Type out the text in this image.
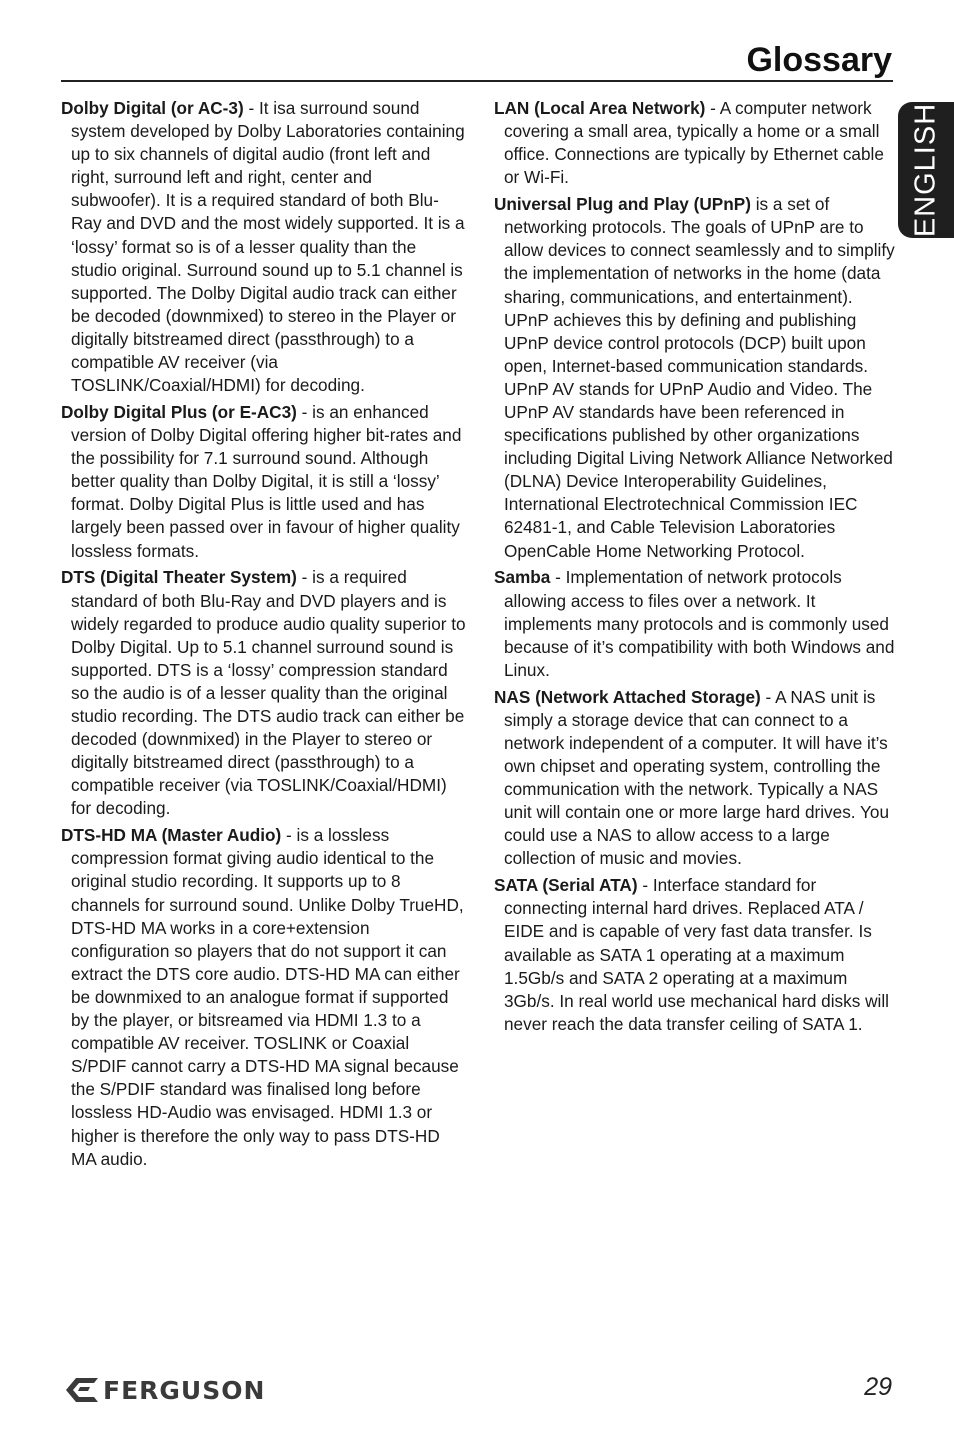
Glossary
ENGLISH

Dolby Digital (or AC-3) - It isa surround sound system developed by Dolby Laboratories containing up to six channels of digital audio (front left and right, surround left and right, center and subwoofer). It is a required standard of both Blu-Ray and DVD and the most widely supported. It is a ‘lossy’ format so is of a lesser quality than the studio original. Surround sound up to 5.1 channel is supported. The Dolby Digital audio track can either be decoded (downmixed) to stereo in the Player or digitally bitstreamed direct (passthrough) to a compatible AV receiver (via TOSLINK/Coaxial/HDMI) for decoding.

Dolby Digital Plus (or E-AC3) - is an enhanced version of Dolby Digital offering higher bit-rates and the possibility for 7.1 surround sound. Although better quality than Dolby Digital, it is still a ‘lossy’ format. Dolby Digital Plus is little used and has largely been passed over in favour of higher quality lossless formats.

DTS (Digital Theater System) - is a required standard of both Blu-Ray and DVD players and is widely regarded to produce audio quality superior to Dolby Digital. Up to 5.1 channel surround sound is supported. DTS is a ‘lossy’ compression standard so the audio is of a lesser quality than the original studio recording. The DTS audio track can either be decoded (downmixed) in the Player to stereo or digitally bitstreamed direct (passthrough) to a compatible receiver (via TOSLINK/Coaxial/HDMI) for decoding.

DTS-HD MA (Master Audio) - is a lossless compression format giving audio identical to the original studio recording. It supports up to 8 channels for surround sound. Unlike Dolby TrueHD, DTS-HD MA works in a core+extension configuration so players that do not support it can extract the DTS core audio. DTS-HD MA can either be downmixed to an analogue format if supported by the player, or bitsreamed via HDMI 1.3 to a compatible AV receiver. TOSLINK or Coaxial S/PDIF cannot carry a DTS-HD MA signal because the S/PDIF standard was finalised long before lossless HD-Audio was envisaged. HDMI 1.3 or higher is therefore the only way to pass DTS-HD MA audio.

LAN (Local Area Network) - A computer network covering a small area, typically a home or a small office. Connections are typically by Ethernet cable or Wi-Fi.

Universal Plug and Play (UPnP) is a set of networking protocols. The goals of UPnP are to allow devices to connect seamlessly and to simplify the implementation of networks in the home (data sharing, communications, and entertainment). UPnP achieves this by defining and publishing UPnP device control protocols (DCP) built upon open, Internet-based communication standards. UPnP AV stands for UPnP Audio and Video. The UPnP AV standards have been referenced in specifications published by other organizations including Digital Living Network Alliance Networked (DLNA) Device Interoperability Guidelines, International Electrotechnical Commission IEC 62481-1, and Cable Television Laboratories OpenCable Home Networking Protocol.

Samba - Implementation of network protocols allowing access to files over a network. It implements many protocols and is commonly used because of it’s compatibility with both Windows and Linux.

NAS (Network Attached Storage) - A NAS unit is simply a storage device that can connect to a network independent of a computer. It will have it’s own chipset and operating system, controlling the communication with the network. Typically a NAS unit will contain one or more large hard drives. You could use a NAS to allow access to a large collection of music and movies.

SATA (Serial ATA) - Interface standard for connecting internal hard drives. Replaced ATA / EIDE and is capable of very fast data transfer. Is available as SATA 1 operating at a maximum 1.5Gb/s and SATA 2 operating at a maximum 3Gb/s. In real world use mechanical hard disks will never reach the data transfer ceiling of SATA 1.

FERGUSON	29
